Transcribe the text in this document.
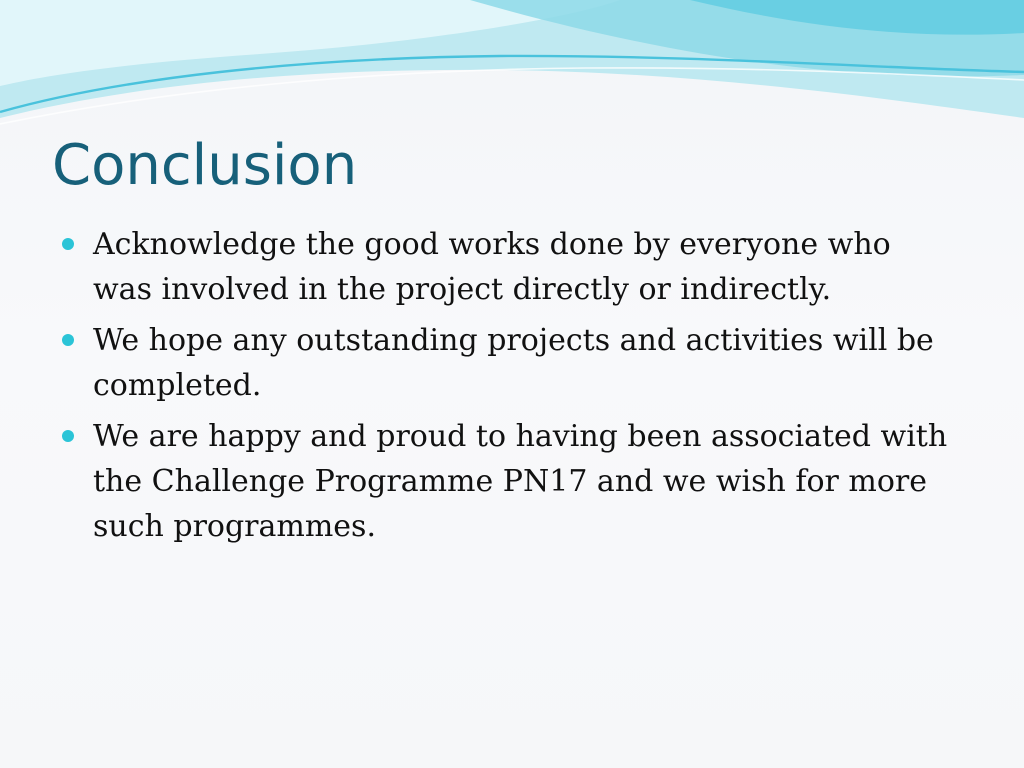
Conclusion
Acknowledge the good works done by everyone who was involved in the project directly or indirectly.
We hope any outstanding projects and activities will be completed.
We are happy and proud to having been associated with the Challenge Programme PN17 and we wish for more such programmes.
